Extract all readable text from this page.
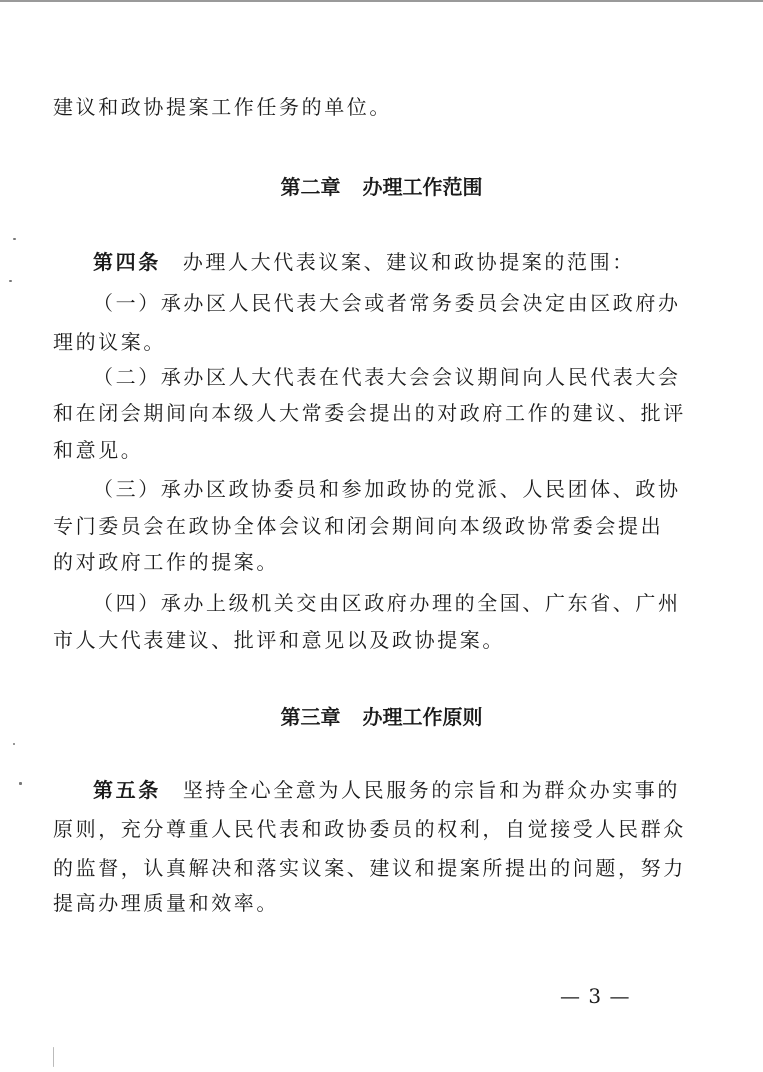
建议和政协提案工作任务的单位。
第二章 办理工作范围
第四条 办理人大代表议案、建议和政协提案的范围：
（一）承办区人民代表大会或者常务委员会决定由区政府办
理的议案。
（二）承办区人大代表在代表大会会议期间向人民代表大会
和在闭会期间向本级人大常委会提出的对政府工作的建议、批评
和意见。
（三）承办区政协委员和参加政协的党派、人民团体、政协
专门委员会在政协全体会议和闭会期间向本级政协常委会提出
的对政府工作的提案。
（四）承办上级机关交由区政府办理的全国、广东省、广州
市人大代表建议、批评和意见以及政协提案。
第三章 办理工作原则
第五条 坚持全心全意为人民服务的宗旨和为群众办实事的
原则，充分尊重人民代表和政协委员的权利，自觉接受人民群众
的监督，认真解决和落实议案、建议和提案所提出的问题，努力
提高办理质量和效率。
— 3 —
